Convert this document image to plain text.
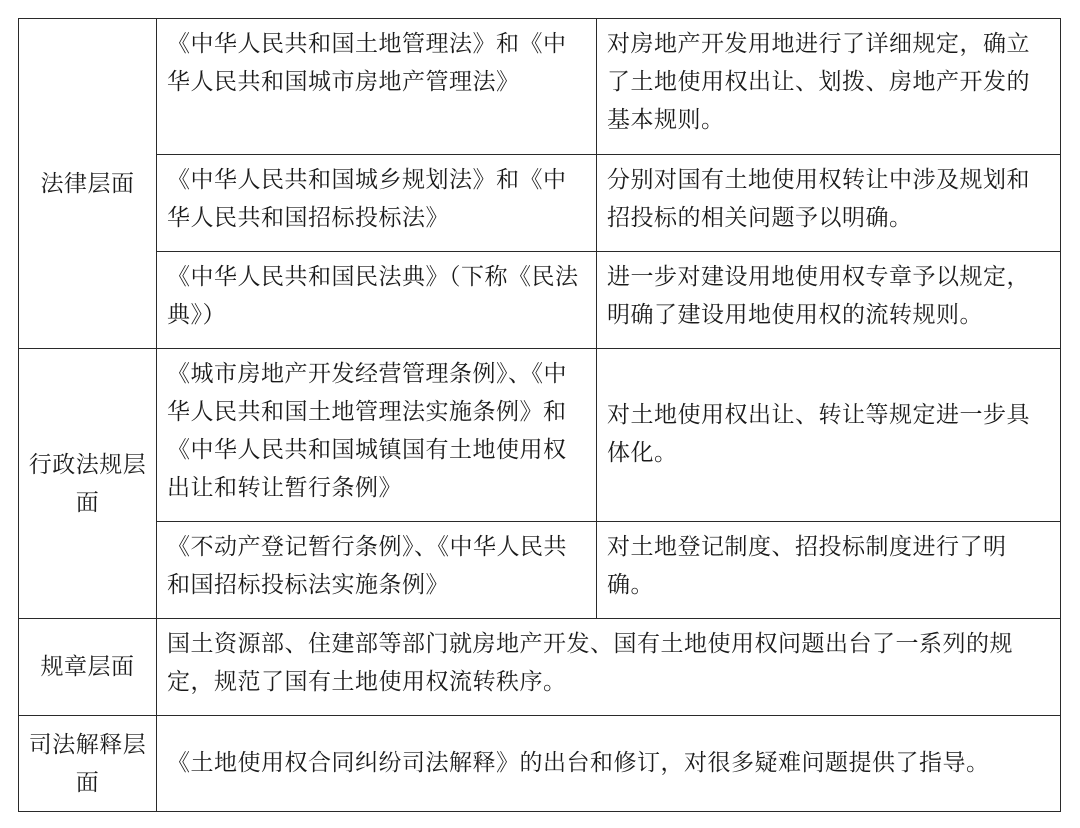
法律层面	《中华人民共和国土地管理法》和《中华人民共和国城市房地产管理法》	对房地产开发用地进行了详细规定，确立了土地使用权出让、划拨、房地产开发的基本规则。
	《中华人民共和国城乡规划法》和《中华人民共和国招标投标法》	分别对国有土地使用权转让中涉及规划和招投标的相关问题予以明确。
	《中华人民共和国民法典》（下称《民法典》）	进一步对建设用地使用权专章予以规定，明确了建设用地使用权的流转规则。
行政法规层面	《城市房地产开发经营管理条例》、《中华人民共和国土地管理法实施条例》和《中华人民共和国城镇国有土地使用权出让和转让暂行条例》	对土地使用权出让、转让等规定进一步具体化。
	《不动产登记暂行条例》、《中华人民共和国招标投标法实施条例》	对土地登记制度、招投标制度进行了明确。
规章层面	国土资源部、住建部等部门就房地产开发、国有土地使用权问题出台了一系列的规定，规范了国有土地使用权流转秩序。	
司法解释层面	《土地使用权合同纠纷司法解释》的出台和修订，对很多疑难问题提供了指导。	
